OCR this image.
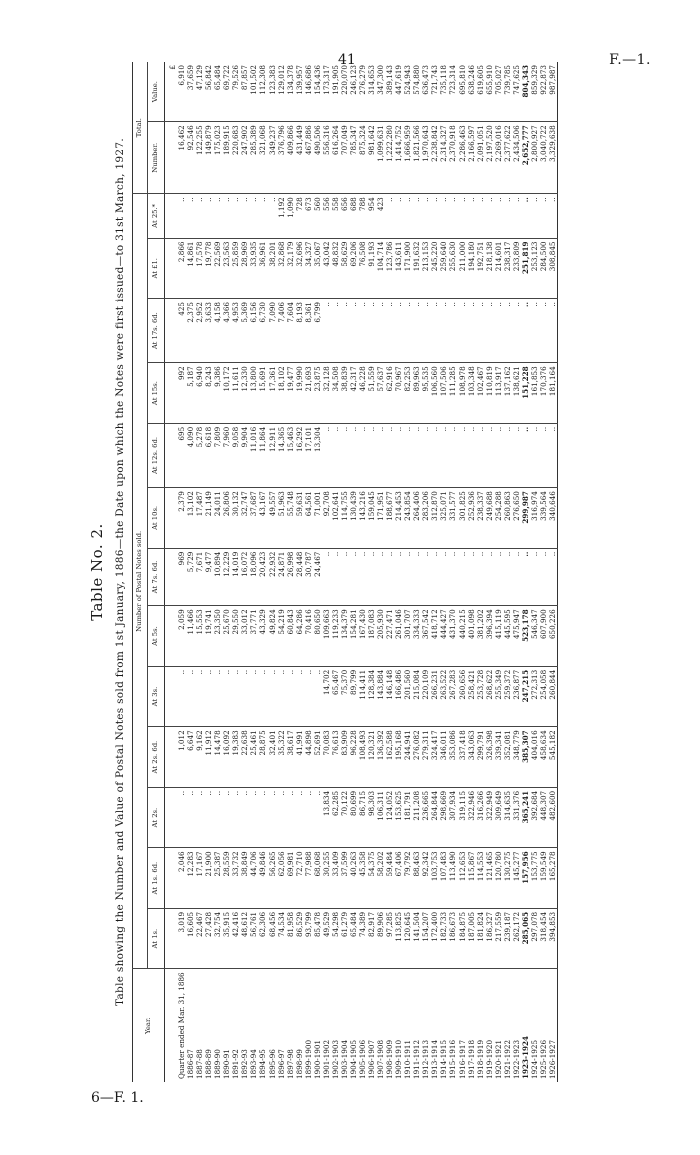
41	F.—1.
6—F. 1.
Table No. 2. Table showing the Number and Value of Postal Notes sold from 1st January, 1886—the Date upon which the Notes were first issued—to 31st March, 1927.
Year.	Number of Postal Notes sold.													Total.	
	At 1s.	At 1s. 6d.	At 2s.	At 2s. 6d.	At 3s.	At 5s.	At 7s. 6d.	At 10s.	At 12s. 6d.	At 15s.	At 17s. 6d.	At £1.	At 25.*	Number.	Value.

															£
Quarter ended Mar. 31, 1886	3,019	2,046	..	1,012	..	2,059	969	2,379	695	992	425	2,866	..	16,462	6,910
1886-87	16,605	12,283	..	6,647	..	11,466	5,729	13,102	4,090	5,187	2,375	14,861	..	92,546	37,659
1887-88	22,467	17,167	..	9,162	..	15,553	7,671	17,487	5,278	6,940	2,952	17,578	..	122,255	47,129
1888-89	27,428	21,900	..	11,912	..	19,741	9,477	21,149	6,618	8,243	3,633	19,778	..	149,879	56,842
1889-90	32,754	25,387	..	14,478	..	23,350	10,894	24,011	7,809	9,386	4,158	22,569	..	175,023	65,484
1890-91	35,915	28,559	..	16,092	..	25,670	12,229	26,806	7,960	10,172	4,366	23,563	..	189,915	69,722
1891-92	42,416	33,732	..	19,383	..	29,550	14,019	30,132	9,058	11,611	4,953	25,859	..	220,683	79,526
1892-93	48,612	38,849	..	22,638	..	33,012	16,072	32,747	9,904	12,330	5,369	28,969	..	247,902	87,857
1893-94	56,761	44,706	..	25,461	..	37,771	18,096	37,687	11,016	13,800	6,156	33,935	..	285,389	101,502
1894-95	62,306	49,846	..	28,875	..	43,329	20,423	43,167	11,864	15,691	6,730	36,961	..	321,068	112,308
1895-96	68,456	56,265	..	32,401	..	49,824	22,932	49,557	12,911	17,361	7,090	38,201	..	349,237	123,383
1896-97	74,534	62,056	..	35,322	..	54,219	24,871	51,963	14,365	18,102	7,406	32,868	1,192	376,796	129,012
1897-98	81,958	69,981	..	38,617	..	60,843	26,998	55,748	15,463	19,477	7,604	32,179	1,090	409,866	134,378
1898-99	86,529	72,710	..	41,991	..	64,286	28,448	59,631	16,292	19,990	8,193	32,696	728	431,449	139,957
1899-1900	93,799	77,988	..	44,898	..	70,416	30,787	64,561	17,101	21,693	8,361	34,327	673	467,886	146,686
1900-1901	85,478	68,068	..	52,691	..	80,650	24,467	71,001	13,304	23,875	6,799	35,067	560	490,506	154,436
1901-1902	49,529	30,255	13,834	70,083	14,702	109,663	..	92,708	..	32,128	..	43,042	556	556,316	173,317
1902-1903	54,298	33,409	62,285	76,613	65,467	119,233	..	102,641	..	34,508	..	48,832	558	616,264	191,905
1903-1904	61,279	37,599	70,122	83,909	75,370	134,379	..	114,755	..	38,839	..	58,629	656	707,049	220,070
1904-1905	65,484	40,263	80,699	96,228	89,799	154,281	..	130,439	..	42,317	..	69,206	688	785,347	246,123
1905-1906	74,389	45,358	86,715	108,493	114,411	167,430	..	143,216	..	46,228	..	76,508	788	875,324	276,279
1906-1907	82,917	54,375	98,303	120,321	128,384	187,083	..	159,045	..	51,559	..	91,193	954	981,642	314,653
1907-1908	89,906	58,202	106,311	136,392	143,884	205,930	..	171,951	..	57,637	..	104,714	423	1,099,631	347,300
1908-1909	97,285	59,484	124,052	162,588	146,148	227,471	..	188,677	..	62,916	..	123,786	..	1,222,280	389,143
1909-1910	113,825	67,406	153,625	195,168	166,486	261,046	..	214,453	..	70,967	..	143,611	..	1,414,752	447,619
1910-1911	120,645	79,792	181,791	244,941	201,560	301,707	..	243,854	..	82,253	..	171,900	..	1,666,959	524,943
1911-1912	141,504	88,463	211,208	276,082	215,084	334,333	..	264,406	..	89,963	..	191,632	..	1,821,566	574,880
1912-1913	154,207	92,342	236,665	279,311	220,109	367,542	..	283,206	..	95,535	..	213,153	..	1,970,643	636,473
1913-1914	172,400	103,753	264,844	324,417	266,231	418,712	..	312,870	..	106,560	..	245,220	..	2,238,842	721,743
1914-1915	182,733	107,483	298,669	346,011	263,522	444,427	..	325,071	..	107,506	..	259,640	..	2,314,327	735,118
1915-1916	186,673	113,490	307,934	353,086	267,283	431,370	..	331,577	..	111,285	..	255,630	..	2,370,918	723,314
1916-1917	184,875	112,653	319,115	337,418	260,656	440,215	..	301,825	..	108,978	..	211,000	..	2,286,463	695,810
1917-1918	187,005	115,867	322,946	343,063	258,421	401,098	..	252,936	..	103,348	..	194,180	..	2,166,597	638,246
1918-1919	181,824	114,553	316,266	299,791	253,728	381,202	..	238,337	..	102,467	..	192,751	..	2,091,051	619,605
1919-1920	186,327	121,465	322,949	326,398	268,622	396,394	..	249,688	..	110,819	..	218,138	..	2,197,520	655,910
1920-1921	217,559	120,780	309,649	339,341	255,349	415,119	..	254,288	..	113,917	..	214,601	..	2,269,016	705,027
1921-1922	239,187	130,275	314,635	352,081	259,372	445,595	..	260,863	..	137,162	..	238,317	..	2,377,622	739,785
1922-1923	262,172	145,277	331,376	348,779	236,877	475,947	..	276,650	..	138,621	..	233,809	..	2,434,506	747,625
1923-1924	285,065	157,956	365,241	385,307	247,215	523,178	..	299,987	..	151,228	..	251,819	..	2,652,777	804,343
1924-1925	297,078	153,775	392,684	404,016	272,313	546,347	..	316,974	..	161,853	..	253,123	..	2,800,927	859,329
1925-1926	318,454	159,549	448,307	458,634	254,058	607,900	..	339,564	..	170,376	..	284,500	..	3,040,722	922,873
1926-1927	394,853	165,278	482,600	545,182	260,844	650,226	..	340,646	..	181,164	..	308,845	..	3,329,638	987,987
